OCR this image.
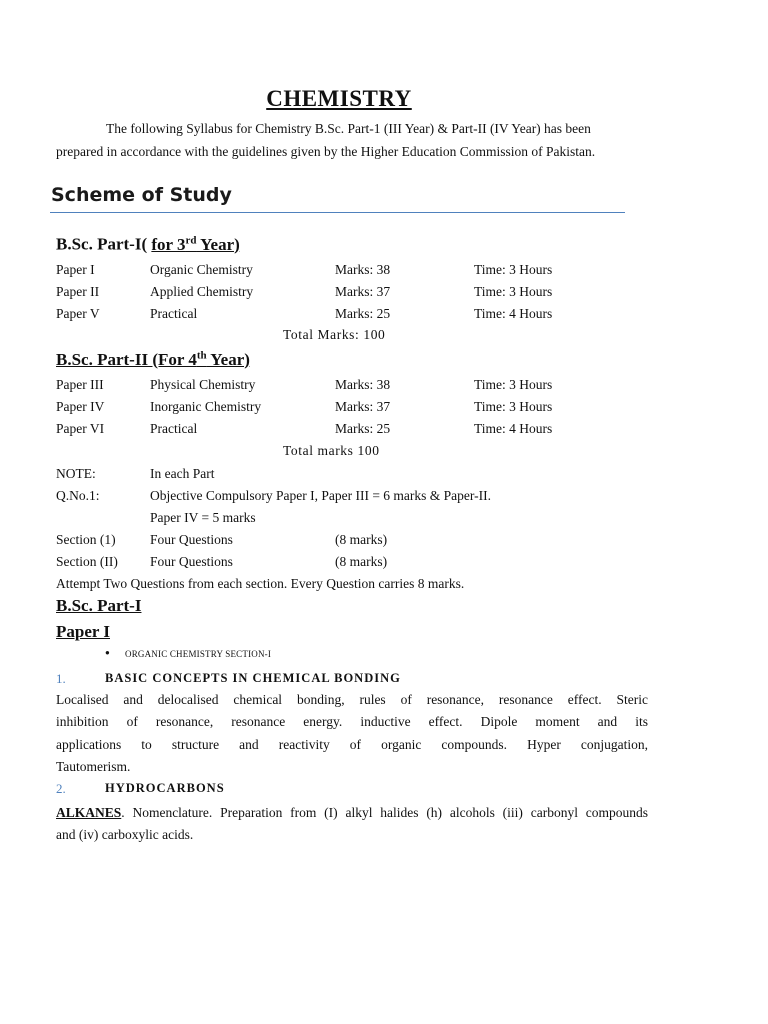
CHEMISTRY
The following Syllabus for Chemistry B.Sc. Part-1 (III Year) & Part-II (IV Year) has been
prepared in accordance with the guidelines given by the Higher Education Commission of Pakistan.
Scheme of Study
B.Sc. Part-I( for 3rd Year)
Paper I	Organic Chemistry	Marks: 38	Time: 3 Hours
Paper II	Applied Chemistry	Marks: 37	Time: 3 Hours
Paper V	Practical	Marks: 25	Time: 4 Hours
Total Marks: 100
B.Sc. Part-II (For 4th Year)
Paper III	Physical Chemistry	Marks: 38	Time: 3 Hours
Paper IV	Inorganic Chemistry	Marks: 37	Time: 3 Hours
Paper VI	Practical	Marks: 25	Time: 4 Hours
Total marks 100
NOTE:	In each Part
Q.No.1:	Objective Compulsory Paper I, Paper III = 6 marks & Paper-II.
Paper IV = 5 marks
Section (1)	Four Questions	(8 marks)
Section (II) Four Questions	(8 marks)
Attempt Two Questions from each section. Every Question carries 8 marks.
B.Sc. Part-I
Paper I
● ORGANIC CHEMISTRY SECTION-I
1.	BASIC CONCEPTS IN CHEMICAL BONDING
Localised and delocalised chemical bonding, rules of resonance, resonance effect. Steric
inhibition of resonance, resonance energy. inductive effect. Dipole moment and its
applications to structure and reactivity of organic compounds. Hyper conjugation,
Tautomerism.
2.	HYDROCARBONS
ALKANES. Nomenclature. Preparation from (I) alkyl halides (h) alcohols (iii) carbonyl compounds
and (iv) carboxylic acids.
